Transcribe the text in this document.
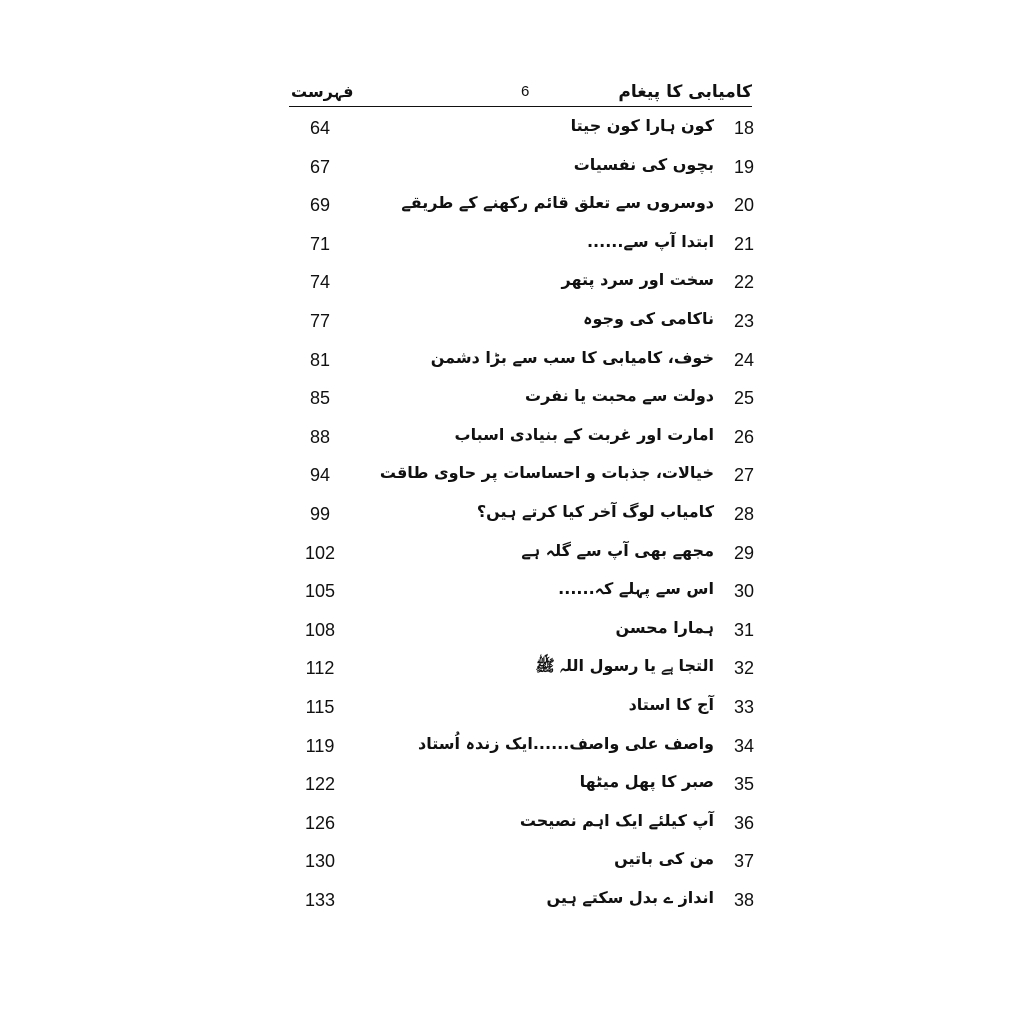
کامیابی کا پیغام
6
فہرست
18
کون ہارا کون جیتا
64
19
بچوں کی نفسیات
67
20
دوسروں سے تعلق قائم رکھنے کے طریقے
69
21
ابتدا آپ سے......
71
22
سخت اور سرد پتھر
74
23
ناکامی کی وجوہ
77
24
خوف، کامیابی کا سب سے بڑا دشمن
81
25
دولت سے محبت یا نفرت
85
26
امارت اور غربت کے بنیادی اسباب
88
27
خیالات، جذبات و احساسات پر حاوی طاقت
94
28
کامیاب لوگ آخر کیا کرتے ہیں؟
99
29
مجھے بھی آپ سے گلہ ہے
102
30
اس سے پہلے کہ......
105
31
ہمارا محسن
108
32
التجا ہے یا رسول اللہ ﷺ
112
33
آج کا استاد
115
34
واصف علی واصف......ایک زندہ اُستاد
119
35
صبر کا پھل میٹھا
122
36
آپ کیلئے ایک اہم نصیحت
126
37
من کی باتیں
130
38
انداز ے بدل سکتے ہیں
133
